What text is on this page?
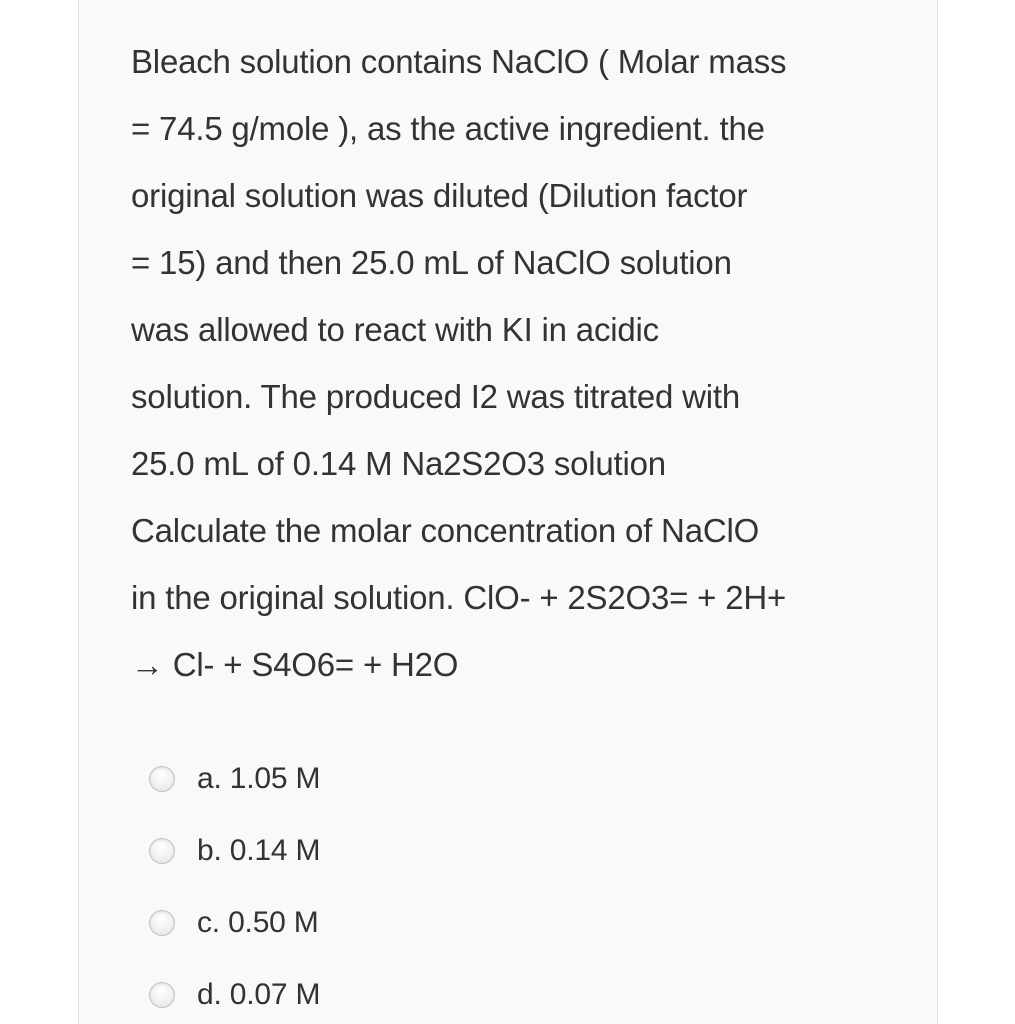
Bleach solution contains NaClO ( Molar mass
= 74.5 g/mole ), as the active ingredient. the
original solution was diluted (Dilution factor
= 15) and then 25.0 mL of NaClO solution
was allowed to react with KI in acidic
solution. The produced I2 was titrated with
25.0 mL of 0.14 M Na2S2O3 solution
Calculate the molar concentration of NaClO
in the original solution. ClO- + 2S2O3= + 2H+
→ Cl- + S4O6= + H2O

a. 1.05 M
b. 0.14 M
c. 0.50 M
d. 0.07 M
